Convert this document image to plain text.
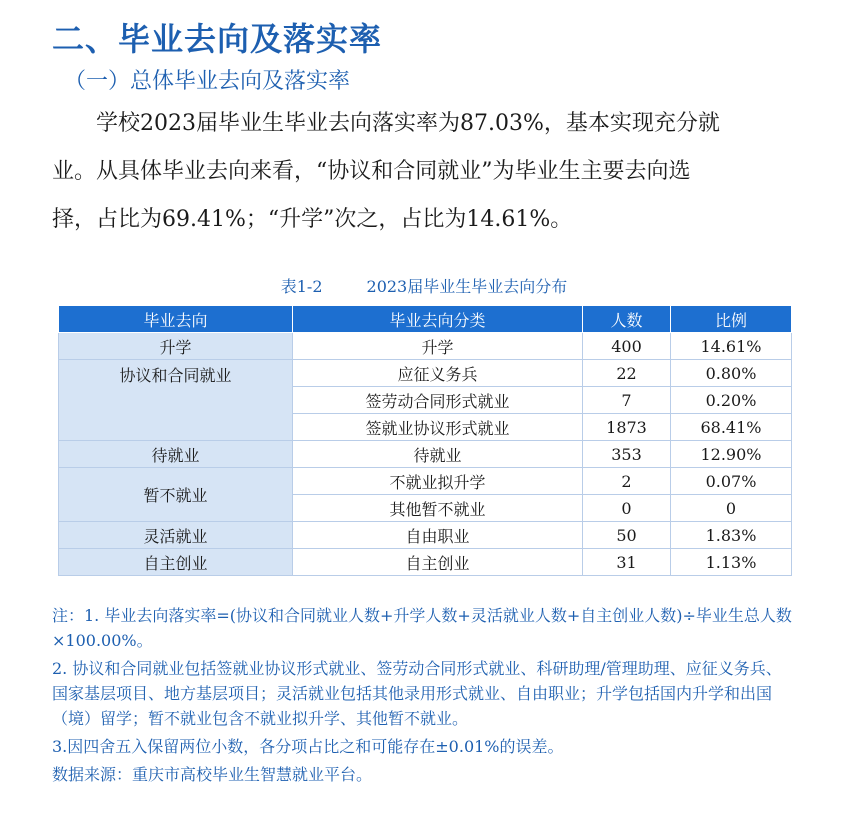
二、毕业去向及落实率
（一）总体毕业去向及落实率

学校2023届毕业生毕业去向落实率为87.03%，基本实现充分就

业。从具体毕业去向来看，“协议和合同就业”为毕业生主要去向选

择，占比为69.41%；“升学”次之，占比为14.61%。

表1-2	2023届毕业生毕业去向分布
毕业去向	毕业去向分类	人数	比例
升学	升学	400	14.61%
协议和合同就业	应征义务兵	22	0.80%
	签劳动合同形式就业	7	0.20%
	签就业协议形式就业	1873	68.41%
待就业	待就业	353	12.90%
暂不就业	不就业拟升学	2	0.07%
	其他暂不就业	0	0
灵活就业	自由职业	50	1.83%
自主创业	自主创业	31	1.13%

注：1. 毕业去向落实率=(协议和合同就业人数+升学人数+灵活就业人数+自主创业人数)÷毕业生总人数 ×100.00%。

2. 协议和合同就业包括签就业协议形式就业、签劳动合同形式就业、科研助理/管理助理、应征义务兵、国家基层项目、地方基层项目；灵活就业包括其他录用形式就业、自由职业；升学包括国内升学和出国（境）留学；暂不就业包含不就业拟升学、其他暂不就业。

3.因四舍五入保留两位小数，各分项占比之和可能存在±0.01%的误差。

数据来源：重庆市高校毕业生智慧就业平台。
